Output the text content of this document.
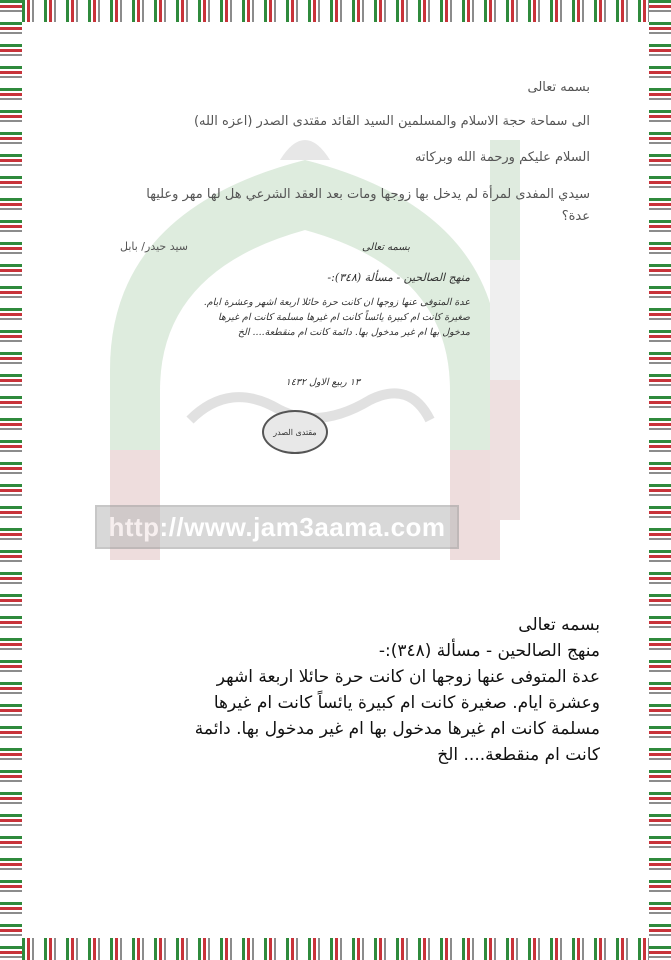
http://www.jam3aama.com

بسمه تعالى

الى سماحة حجة الاسلام والمسلمين السيد القائد مقتدى الصدر (اعزه الله)

السلام عليكم ورحمة الله وبركاته

سيدي المفدى لمرأة لم يدخل بها زوجها ومات بعد العقد الشرعي هل لها مهر وعليها عدة؟

سيد حيدر/ بابل	بسمه تعالى
منهج الصالحين - مسألة (٣٤٨):-
عدة المتوفى عنها زوجها ان كانت حرة حائلا اربعة اشهر وعشرة ايام. صغيرة كانت ام كبيرة يائساً كانت ام غيرها مسلمة كانت ام غيرها مدخول بها ام غير مدخول بها. دائمة كانت ام منقطعة.... الخ
١٣ ربيع الاول ١٤٣٢
مقتدى الصدر

بسمه تعالى

منهج الصالحين - مسألة (٣٤٨):-

عدة المتوفى عنها زوجها ان كانت حرة حائلا اربعة اشهر

وعشرة ايام. صغيرة كانت ام كبيرة يائساً كانت ام غيرها

مسلمة كانت ام غيرها مدخول بها ام غير مدخول بها. دائمة

كانت ام منقطعة.... الخ
